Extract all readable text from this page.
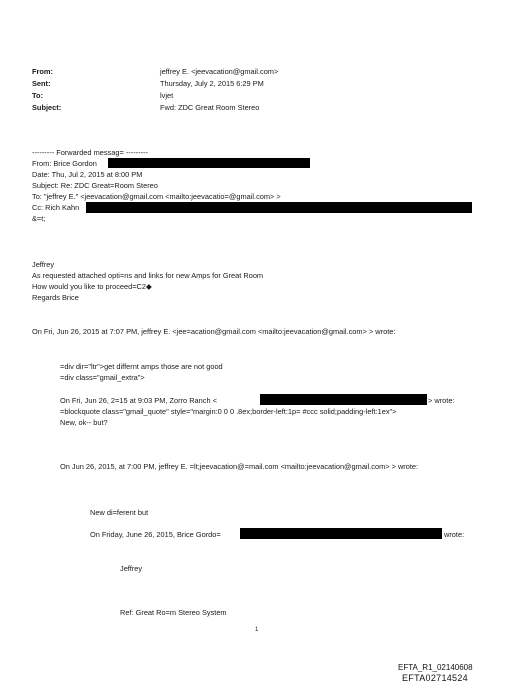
From:	jeffrey E. <jeevacation@gmail.com>
Sent:	Thursday, July 2, 2015 6:29 PM
To:	lvjet
Subject:	Fwd: ZDC Great Room Stereo
--------- Forwarded messag= ---------
From: Brice Gordon
Date: Thu, Jul 2, 2015 at 8:00 PM
Subject: Re: ZDC Great=Room Stereo
To: "jeffrey E." <jeevacation@gmail.com <mailto:jeevacatio=@gmail.com> >
Cc: Rich Kahn
&=t;
Jeffrey
As requested attached opti=ns and links for new Amps for Great Room
How would you like to proceed=C2◆
Regards Brice
On Fri, Jun 26, 2015 at 7:07 PM, jeffrey E. <jee=acation@gmail.com <mailto:jeevacation@gmail.com> > wrote:
=div dir="ltr">get differnt amps those are not good
=div class="gmail_extra">
On Fri, Jun 26, 2=15 at 9:03 PM, Zorro Ranch <	> wrote:
=blockquote class="gmail_quote" style="margin:0 0 0 .8ex;border-left:1p= #ccc solid;padding-left:1ex">
New, ok-- but?
On Jun 26, 2015, at 7:00 PM, jeffrey E. =lt;jeevacation@=mail.com <mailto:jeevacation@gmail.com> > wrote:
New di=ferent but
On Friday, June 26, 2015, Brice Gordo=	wrote:
Jeffrey
Ref: Great Ro=m Stereo System
1
EFTA_R1_02140608
EFTA02714524
